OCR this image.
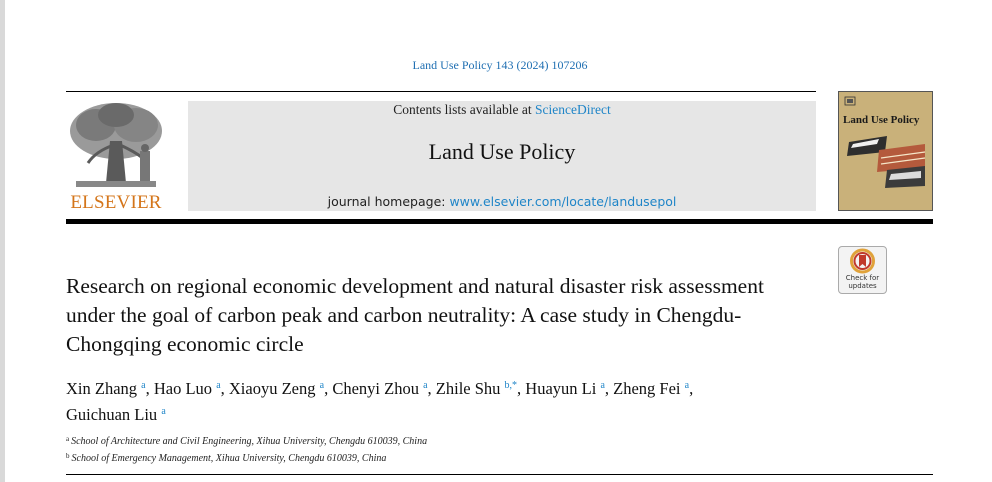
Land Use Policy 143 (2024) 107206
ELSEVIER
Contents lists available at ScienceDirect
Land Use Policy
journal homepage: www.elsevier.com/locate/landusepol
Land Use Policy
Check for
updates
Research on regional economic development and natural disaster risk assessment under the goal of carbon peak and carbon neutrality: A case study in Chengdu-Chongqing economic circle
Xin Zhang $^a$, Hao Luo $^a$, Xiaoyu Zeng $^a$, Chenyi Zhou $^a$, Zhile Shu $^{b,*}$, Huayun Li $^a$, Zheng Fei $^a$,
Guichuan Liu $^a$
$^a$ School of Architecture and Civil Engineering, Xihua University, Chengdu 610039, China
$^b$ School of Emergency Management, Xihua University, Chengdu 610039, China
